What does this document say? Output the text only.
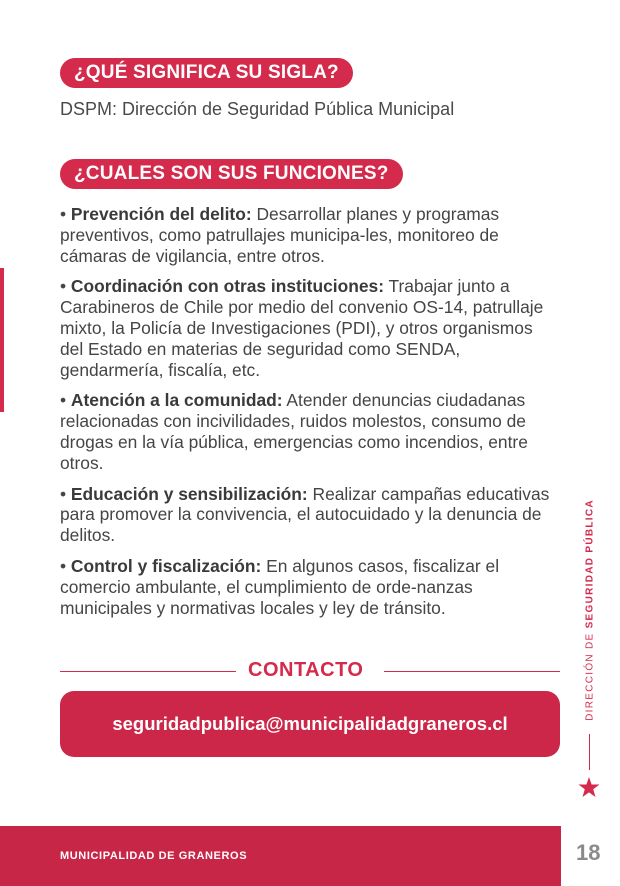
¿QUÉ SIGNIFICA SU SIGLA?
DSPM: Dirección de Seguridad Pública Municipal
¿CUALES SON SUS FUNCIONES?

• Prevención del delito: Desarrollar planes y programas preventivos, como patrullajes municipa-les, monitoreo de cámaras de vigilancia, entre otros.

• Coordinación con otras instituciones: Trabajar junto a Carabineros de Chile por medio del convenio OS-14, patrullaje mixto, la Policía de Investigaciones (PDI), y otros organismos del Estado en materias de seguridad como SENDA, gendarmería, fiscalía, etc.

• Atención a la comunidad: Atender denuncias ciudadanas relacionadas con incivilidades, ruidos molestos, consumo de drogas en la vía pública, emergencias como incendios, entre otros.

• Educación y sensibilización: Realizar campañas educativas para promover la convivencia, el autocuidado y la denuncia de delitos.

• Control y fiscalización: En algunos casos, fiscalizar el comercio ambulante, el cumplimiento de orde-nanzas municipales y normativas locales y ley de tránsito.

CONTACTO
seguridadpublica@municipalidadgraneros.cl
DIRECCIÓN DE SEGURIDAD PÚBLICA
MUNICIPALIDAD DE GRANEROS	18
